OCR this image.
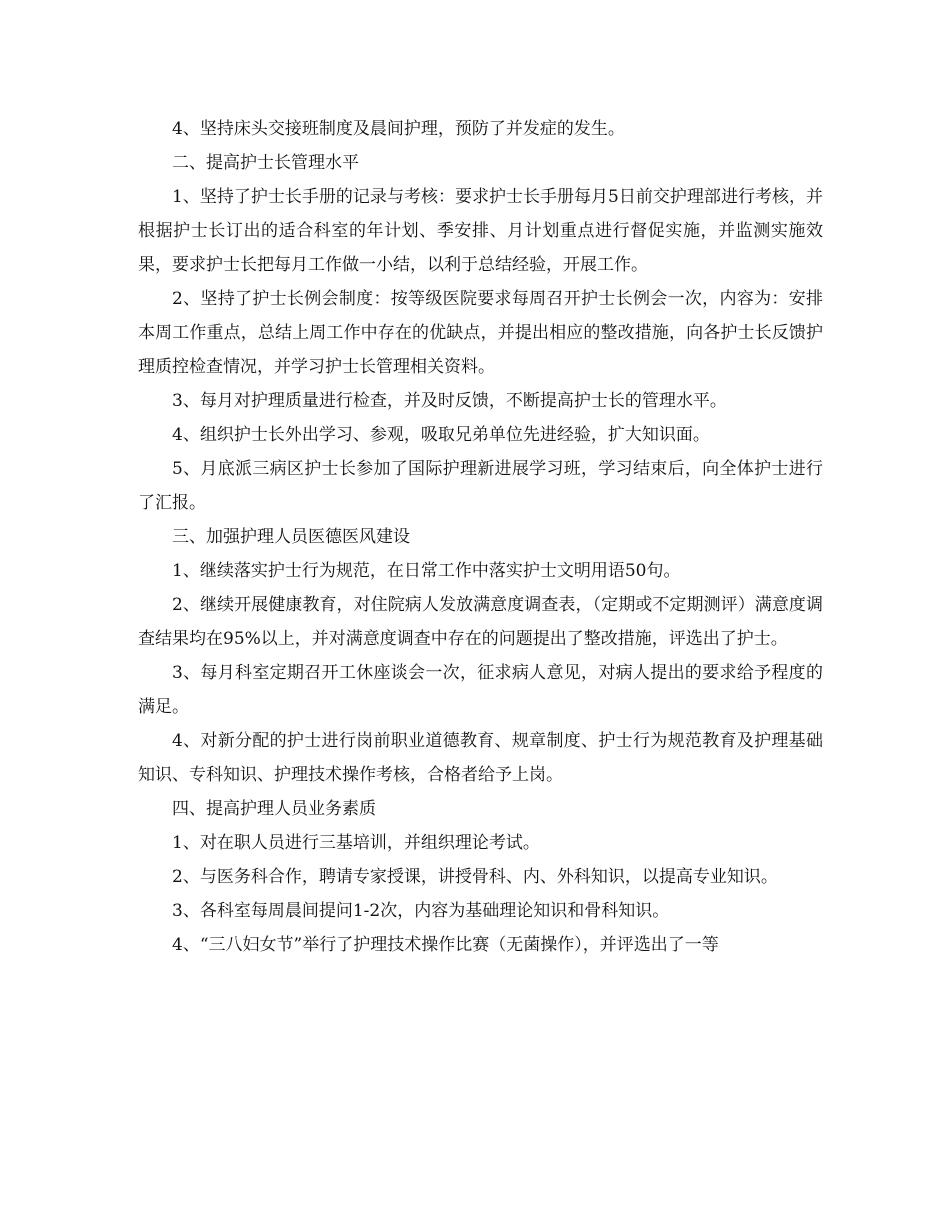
4、坚持床头交接班制度及晨间护理，预防了并发症的发生。

二、提高护士长管理水平

1、坚持了护士长手册的记录与考核：要求护士长手册每月5日前交护理部进行考核，并根据护士长订出的适合科室的年计划、季安排、月计划重点进行督促实施，并监测实施效果，要求护士长把每月工作做一小结，以利于总结经验，开展工作。

2、坚持了护士长例会制度：按等级医院要求每周召开护士长例会一次，内容为：安排本周工作重点，总结上周工作中存在的优缺点，并提出相应的整改措施，向各护士长反馈护理质控检查情况，并学习护士长管理相关资料。

3、每月对护理质量进行检查，并及时反馈，不断提高护士长的管理水平。

4、组织护士长外出学习、参观，吸取兄弟单位先进经验，扩大知识面。

5、月底派三病区护士长参加了国际护理新进展学习班，学习结束后，向全体护士进行了汇报。

三、加强护理人员医德医风建设

1、继续落实护士行为规范，在日常工作中落实护士文明用语50句。

2、继续开展健康教育，对住院病人发放满意度调查表，（定期或不定期测评）满意度调查结果均在95%以上，并对满意度调查中存在的问题提出了整改措施，评选出了护士。

3、每月科室定期召开工休座谈会一次，征求病人意见，对病人提出的要求给予程度的满足。

4、对新分配的护士进行岗前职业道德教育、规章制度、护士行为规范教育及护理基础知识、专科知识、护理技术操作考核，合格者给予上岗。

四、提高护理人员业务素质

1、对在职人员进行三基培训，并组织理论考试。

2、与医务科合作，聘请专家授课，讲授骨科、内、外科知识，以提高专业知识。

3、各科室每周晨间提问1-2次，内容为基础理论知识和骨科知识。

4、“三八妇女节”举行了护理技术操作比赛（无菌操作），并评选出了一等
